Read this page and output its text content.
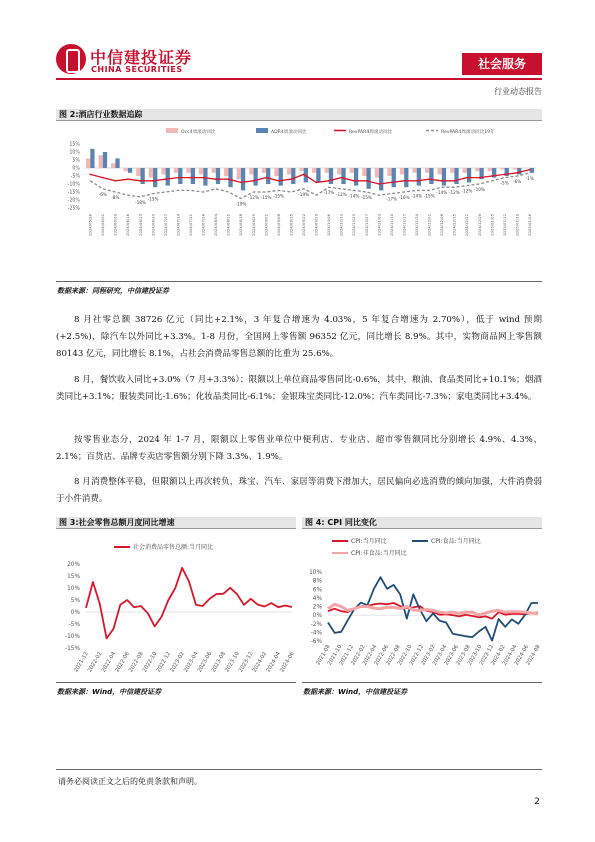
中信建投证券
CHINA SECURITIES	社会服务
行业动态报告
图 2:酒店行业数据追踪
Occ4周滚动同比	ADR4周滚动同比	RevPAR4周滚动同比	RevPAR4周滚动同比19年
15%
10%
5%
0%
-5%
-10%
-15%
-20%
-25%
-6%
-8%
-18%
-15%
-19%
-12% -15% -15%	-19%	-17% -12% -14% -15%	-17% -16% -14% -15%
-14% -12% -12% -10%
-5% -6%
-1%
2024/05/26 2024/06/02 2024/06/09 2024/06/16 2024/06/23 2024/06/30 2024/07/07 2024/07/14 2024/07/21 2024/07/28 2024/08/04 2024/08/11 2024/08/18 2024/08/25 2024/09/01 2024/09/08 2024/09/15 2024/09/22 2024/09/29 2024/10/06 2024/10/13 2024/10/20 2024/10/27 2024/11/03 2024/11/10 2024/11/17 2024/11/24 2024/12/01 2024/12/08 2024/12/15 2024/12/22 2024/12/29 2025/01/05 2025/01/12 2025/01/19 2025/01/26
数据来源：同程研究，中信建投证券
8 月社零总额 38726 亿元（同比+2.1%，3 年复合增速为 4.03%，5 年复合增速为 2.70%），低于 wind 预期(+2.5%)，除汽车以外同比+3.3%。1-8 月份，全国网上零售额 96352 亿元，同比增长 8.9%。其中，实物商品网上零售额 80143 亿元，同比增长 8.1%，占社会消费品零售总额的比重为 25.6%。
8 月，餐饮收入同比+3.0%（7 月+3.3%）；限额以上单位商品零售同比-0.6%，其中，粮油、食品类同比+10.1%；烟酒类同比+3.1%；服装类同比-1.6%；化妆品类同比-6.1%；金银珠宝类同比-12.0%；汽车类同比-7.3%；家电类同比+3.4%。
按零售业态分，2024 年 1-7 月，限额以上零售业单位中便利店、专业店、超市零售额同比分别增长 4.9%、4.3%、2.1%；百货店、品牌专卖店零售额分别下降 3.3%、1.9%。
8 月消费整体平稳，但限额以上再次转负，珠宝、汽车、家居等消费下滑加大，居民偏向必选消费的倾向加强，大件消费弱于小件消费。
图 3:社会零售总额月度同比增速
20%
15%
10%
5%
0%
-5%
-10%
-15%
社会消费品零售总额:当月同比
2021-12
2022-02
2022-04
2022-06
2022-08
2022-10
2022-12
2023-02
2023-04
2023-06
2023-08
2023-10
2023-12
2024-02
2024-04
2024-06
数据来源：Wind，中信建投证券
图 4: CPI 同比变化
10%
8%
6%
4%
2%
0%
-2%
-4%
-6%
CPI:当月同比	CPI:食品:当月同比
CPI:非食品:当月同比
2021-08
2021-10
2021-12
2022-02
2022-04
2022-06
2022-08
2022-10
2022-12
2023-02
2023-04
2023-06
2023-08
2023-10
2023-12
2024-02
2024-04
2024-06
2024-08
数据来源：Wind，中信建投证券
请务必阅读正文之后的免责条款和声明。
2
